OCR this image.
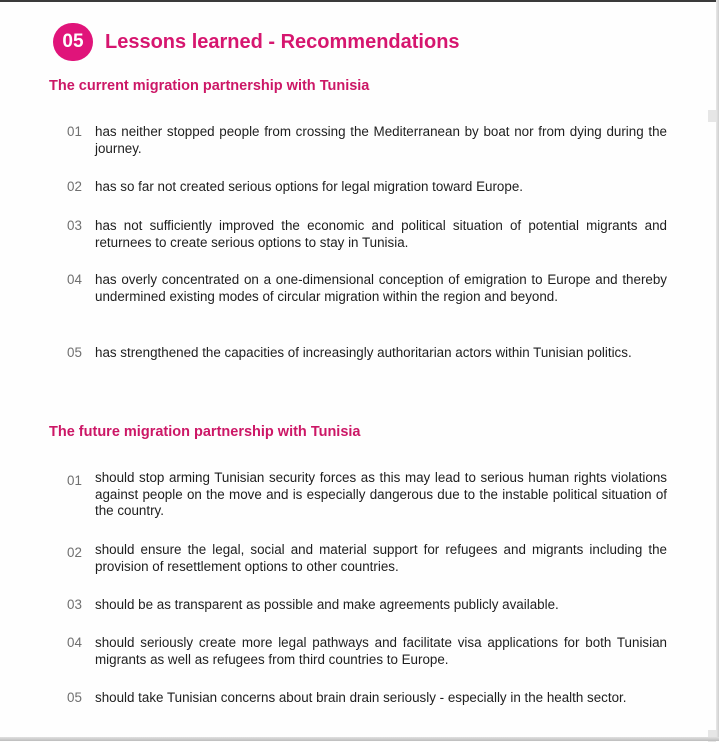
05	Lessons learned - Recommendations
The current migration partnership with Tunisia
01 has neither stopped people from crossing the Mediterranean by boat nor from dying during the journey.
02 has so far not created serious options for legal migration toward Europe.
03 has not sufficiently improved the economic and political situation of potential migrants and returnees to create serious options to stay in Tunisia.
04 has overly concentrated on a one-dimensional conception of emigration to Europe and thereby undermined existing modes of circular migration within the region and beyond.
05 has strengthened the capacities of increasingly authoritarian actors within Tunisian politics.
The future migration partnership with Tunisia
01 should stop arming Tunisian security forces as this may lead to serious human rights violations against people on the move and is especially dangerous due to the instable political situation of the country.
02 should ensure the legal, social and material support for refugees and migrants including the provision of resettlement options to other countries.
03 should be as transparent as possible and make agreements publicly available.
04 should seriously create more legal pathways and facilitate visa applications for both Tunisian migrants as well as refugees from third countries to Europe.
05 should take Tunisian concerns about brain drain seriously - especially in the health sector.
